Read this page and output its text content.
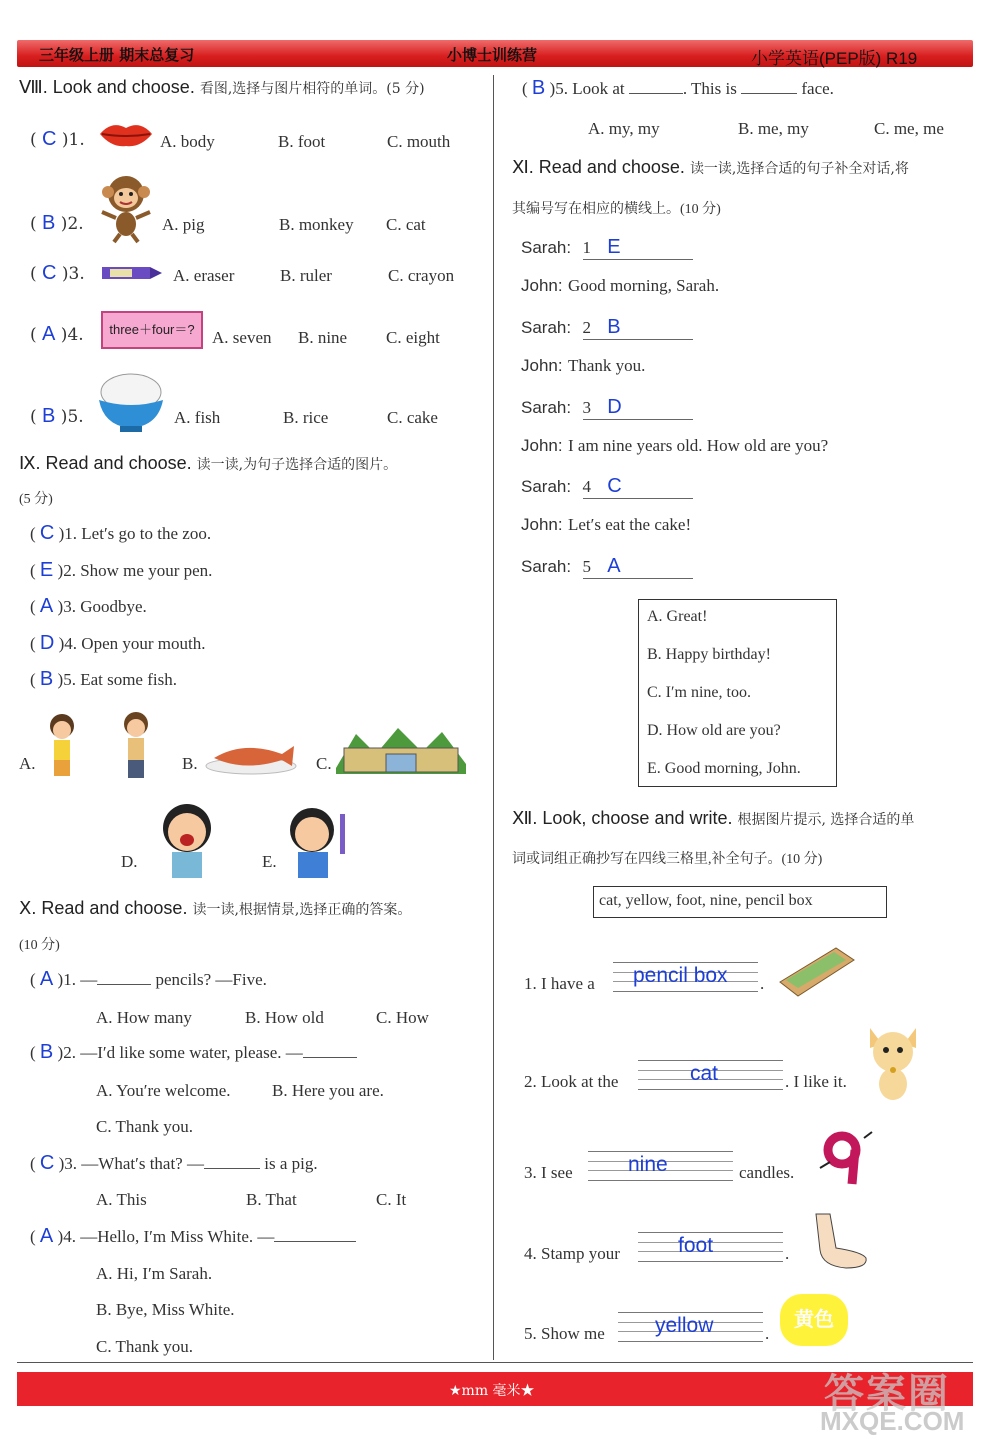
三年级上册 期末总复习	小博士训练营	小学英语(PEP版) R19
Ⅷ. Look and choose. 看图,选择与图片相符的单词。(5 分)
( C )1.	A. body	B. foot	C. mouth
( B )2.	A. pig	B. monkey C. cat
( C )3.	A. eraser	B. ruler	C. crayon
( A )4.	three＋four＝?	A. seven B. nine C. eight
( B )5.	A. fish	B. rice	C. cake
Ⅸ. Read and choose. 读一读,为句子选择合适的图片。
(5 分)
( C )1. Let′s go to the zoo.
( E )2. Show me your pen.
( A )3. Goodbye.
( D )4. Open your mouth.
( B )5. Eat some fish.
A.	B.	C.
D.	E.
Ⅹ. Read and choose. 读一读,根据情景,选择正确的答案。
(10 分)
( A )1. —	pencils? —Five.
A. How many	B. How old	C. How
( B )2. —I′d like some water, please. —
A. You′re welcome. B. Here you are.
C. Thank you.
( C )3. —What′s that? —	is a pig.
A. This	B. That	C. It
( A )4. —Hello, I′m Miss White. —
A. Hi, I′m Sarah.
B. Bye, Miss White.
C. Thank you.
( B )5. Look at	. This is	face.
A. my, my	B. me, my	C. me, me
Ⅺ. Read and choose. 读一读,选择合适的句子补全对话,将
其编号写在相应的横线上。(10 分)
Sarah: 1 E
John: Good morning, Sarah.
Sarah: 2 B
John: Thank you.
Sarah: 3 D
John: I am nine years old. How old are you?
Sarah: 4 C
John: Let′s eat the cake!
Sarah: 5 A
A. Great!
B. Happy birthday!
C. I′m nine, too.
D. How old are you?
E. Good morning, John.
Ⅻ. Look, choose and write. 根据图片提示, 选择合适的单
词或词组正确抄写在四线三格里,补全句子。(10 分)
cat, yellow, foot, nine, pencil box
1. I have a pencil box .
2. Look at the	cat	. I like it.
3. I see	nine	candles.
4. Stamp your	foot	.
5. Show me yellow	.
黄色
★mm 毫米★	答案圈
MXQE.COM
